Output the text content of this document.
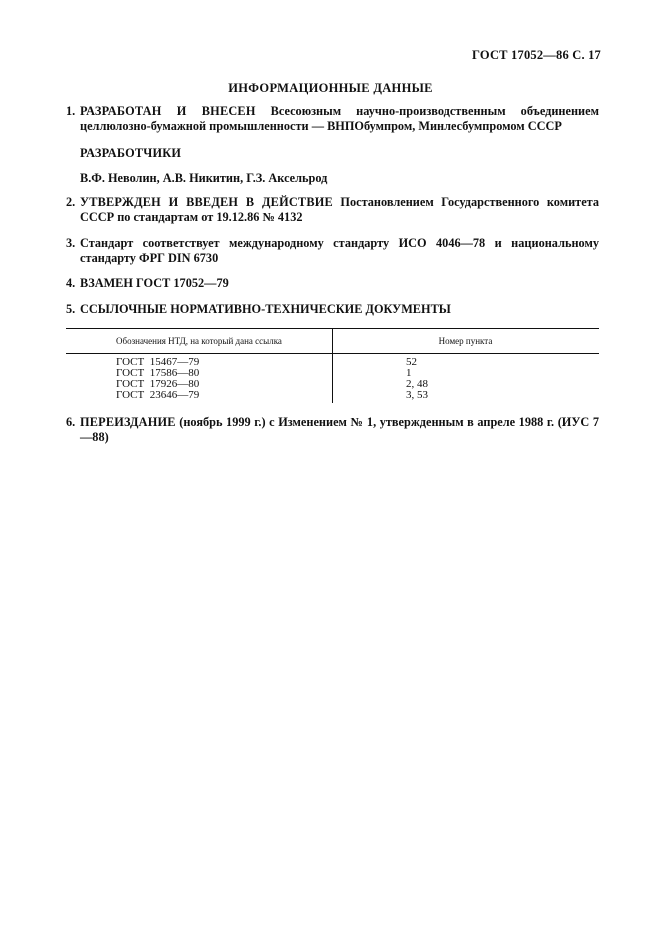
ГОСТ 17052—86 С. 17
ИНФОРМАЦИОННЫЕ ДАННЫЕ
1. РАЗРАБОТАН И ВНЕСЕН Всесоюзным научно-производственным объединением целлюлозно-бумажной промышленности — ВНПОбумпром, Минлесбумпромом СССР
РАЗРАБОТЧИКИ
В.Ф. Неволин, А.В. Никитин, Г.З. Аксельрод
2. УТВЕРЖДЕН И ВВЕДЕН В ДЕЙСТВИЕ Постановлением Государственного комитета СССР по стандартам от 19.12.86 № 4132
3. Стандарт соответствует международному стандарту ИСО 4046—78 и национальному стандарту ФРГ DIN 6730
4. ВЗАМЕН ГОСТ 17052—79
5. ССЫЛОЧНЫЕ НОРМАТИВНО-ТЕХНИЧЕСКИЕ ДОКУМЕНТЫ
Обозначения НТД, на который дана ссылка	Номер пункта
ГОСТ  15467—79	52
ГОСТ  17586—80	1
ГОСТ  17926—80	2, 48
ГОСТ  23646—79	3, 53
6. ПЕРЕИЗДАНИЕ (ноябрь 1999 г.) с Изменением № 1, утвержденным в апреле 1988 г. (ИУС 7—88)
